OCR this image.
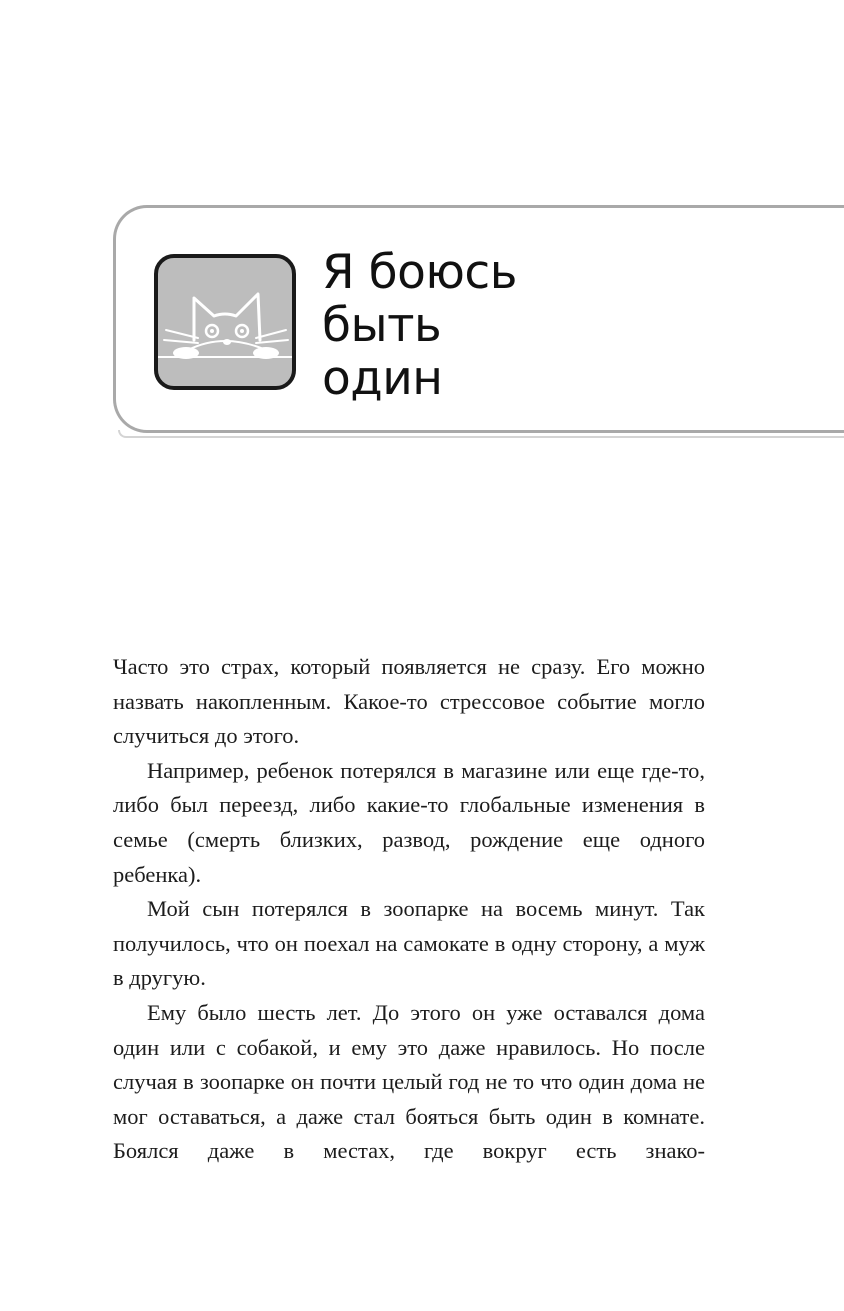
Я боюсь
быть
один

Часто это страх, который появляется не сразу. Его можно назвать накопленным. Какое-то стрессовое событие могло случиться до этого.

Например, ребенок потерялся в магазине или еще где-то, либо был переезд, либо какие-то глобальные изменения в семье (смерть близких, развод, рождение еще одного ребенка).

Мой сын потерялся в зоопарке на восемь минут. Так получилось, что он поехал на самокате в одну сторону, а муж в другую.

Ему было шесть лет. До этого он уже оставался дома один или с собакой, и ему это даже нравилось. Но после случая в зоопарке он почти целый год не то что один дома не мог оставаться, а даже стал бояться быть один в комнате. Боялся даже в местах, где вокруг есть знако-
